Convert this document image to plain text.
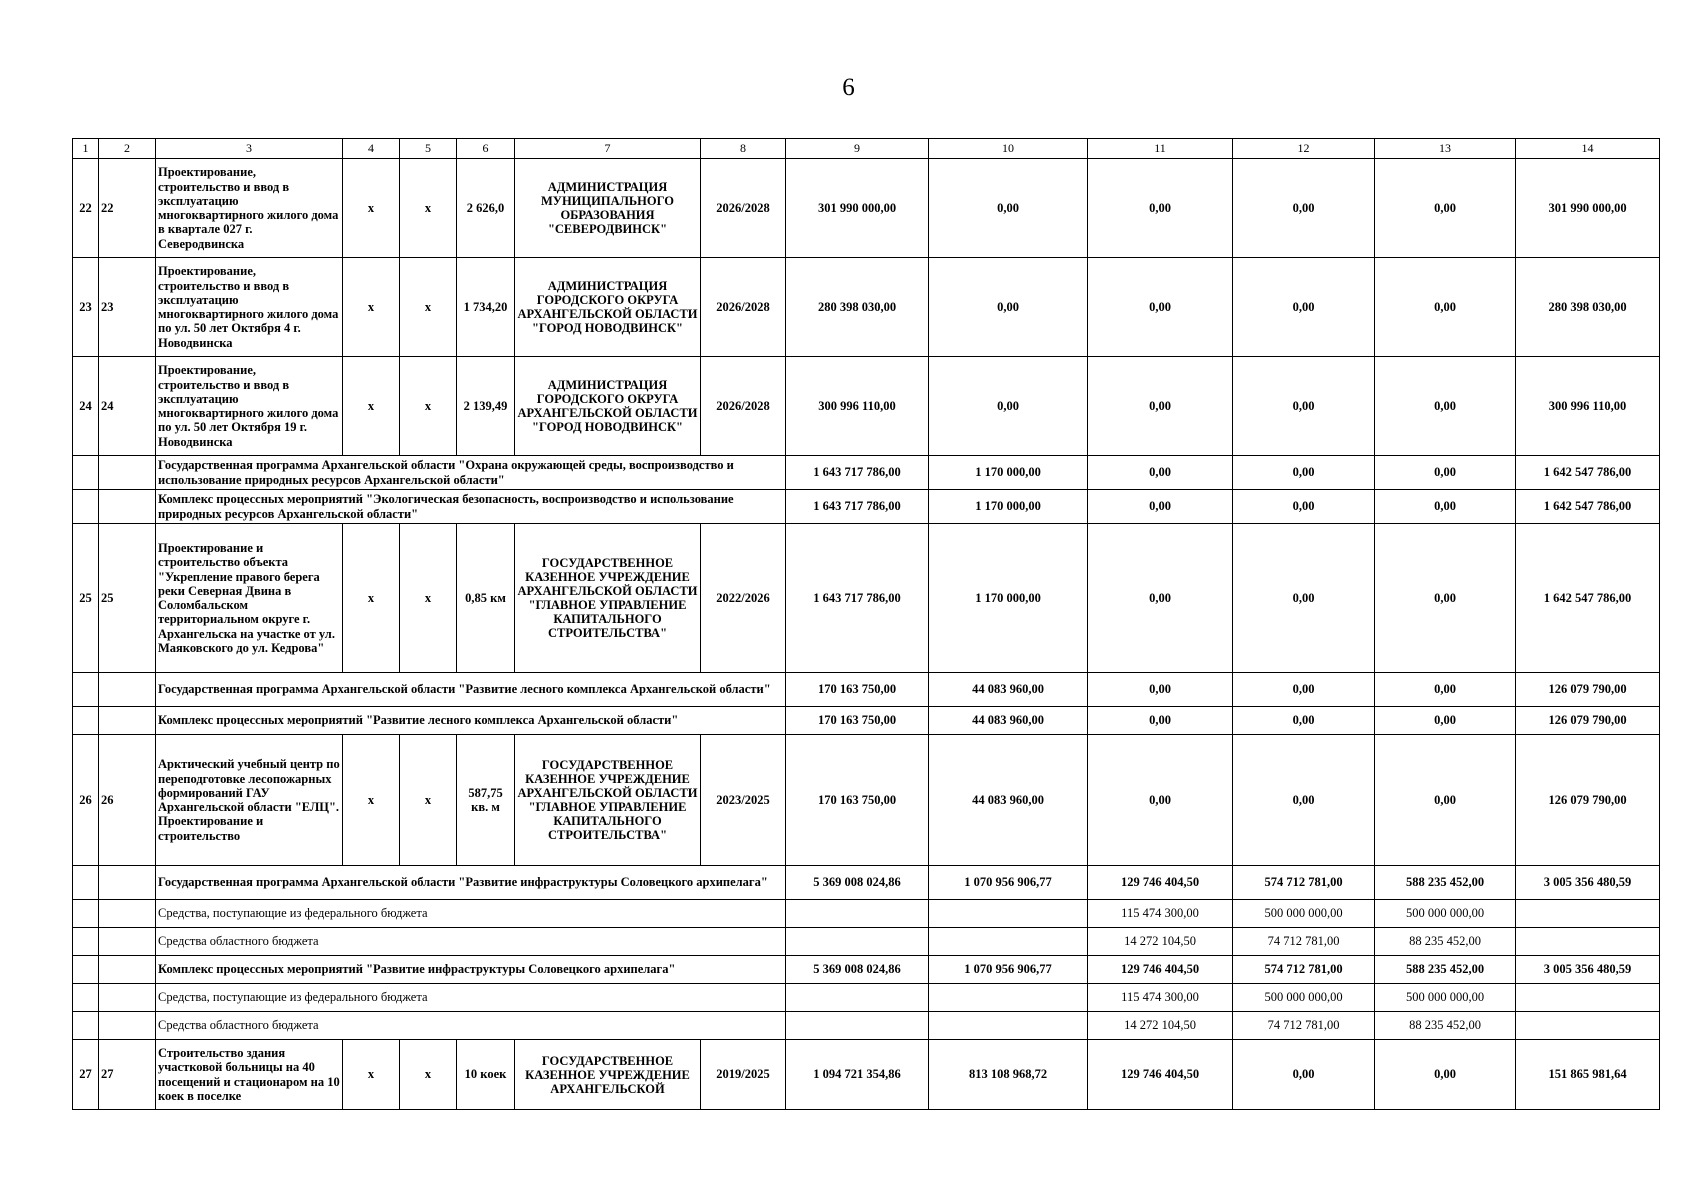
6
1	2	3	4	5	6	7	8	9	10	11	12	13	14
22	22	Проектирование, строительство и ввод в эксплуатацию многоквартирного жилого дома в квартале 027 г. Северодвинска	х	х	2 626,0	АДМИНИСТРАЦИЯ МУНИЦИПАЛЬНОГО ОБРАЗОВАНИЯ "СЕВЕРОДВИНСК"	2026/2028	301 990 000,00	0,00	0,00	0,00	0,00	301 990 000,00
23	23	Проектирование, строительство и ввод в эксплуатацию многоквартирного жилого дома по ул. 50 лет Октября 4 г. Новодвинска	х	х	1 734,20	АДМИНИСТРАЦИЯ ГОРОДСКОГО ОКРУГА АРХАНГЕЛЬСКОЙ ОБЛАСТИ "ГОРОД НОВОДВИНСК"	2026/2028	280 398 030,00	0,00	0,00	0,00	0,00	280 398 030,00
24	24	Проектирование, строительство и ввод в эксплуатацию многоквартирного жилого дома по ул. 50 лет Октября 19 г. Новодвинска	х	х	2 139,49	АДМИНИСТРАЦИЯ ГОРОДСКОГО ОКРУГА АРХАНГЕЛЬСКОЙ ОБЛАСТИ "ГОРОД НОВОДВИНСК"	2026/2028	300 996 110,00	0,00	0,00	0,00	0,00	300 996 110,00
		Государственная программа Архангельской области "Охрана окружающей среды, воспроизводство и использование природных ресурсов Архангельской области"						1 643 717 786,00	1 170 000,00	0,00	0,00	0,00	1 642 547 786,00
		Комплекс процессных мероприятий "Экологическая безопасность, воспроизводство и использование природных ресурсов Архангельской области"						1 643 717 786,00	1 170 000,00	0,00	0,00	0,00	1 642 547 786,00
25	25	Проектирование и строительство объекта "Укрепление правого берега реки Северная Двина в Соломбальском территориальном округе г. Архангельска на участке от ул. Маяковского до ул. Кедрова"	х	х	0,85 км	ГОСУДАРСТВЕННОЕ КАЗЕННОЕ УЧРЕЖДЕНИЕ АРХАНГЕЛЬСКОЙ ОБЛАСТИ "ГЛАВНОЕ УПРАВЛЕНИЕ КАПИТАЛЬНОГО СТРОИТЕЛЬСТВА"	2022/2026	1 643 717 786,00	1 170 000,00	0,00	0,00	0,00	1 642 547 786,00
		Государственная программа Архангельской области "Развитие лесного комплекса Архангельской области"						170 163 750,00	44 083 960,00	0,00	0,00	0,00	126 079 790,00
		Комплекс процессных мероприятий "Развитие лесного комплекса Архангельской области"						170 163 750,00	44 083 960,00	0,00	0,00	0,00	126 079 790,00
26	26	Арктический учебный центр по переподготовке лесопожарных формирований ГАУ Архангельской области "ЕЛЦ". Проектирование и строительство	х	х	587,75 кв. м	ГОСУДАРСТВЕННОЕ КАЗЕННОЕ УЧРЕЖДЕНИЕ АРХАНГЕЛЬСКОЙ ОБЛАСТИ "ГЛАВНОЕ УПРАВЛЕНИЕ КАПИТАЛЬНОГО СТРОИТЕЛЬСТВА"	2023/2025	170 163 750,00	44 083 960,00	0,00	0,00	0,00	126 079 790,00
		Государственная программа Архангельской области "Развитие инфраструктуры Соловецкого архипелага"						5 369 008 024,86	1 070 956 906,77	129 746 404,50	574 712 781,00	588 235 452,00	3 005 356 480,59
		Средства, поступающие из федерального бюджета								115 474 300,00	500 000 000,00	500 000 000,00	
		Средства областного бюджета								14 272 104,50	74 712 781,00	88 235 452,00	
		Комплекс процессных мероприятий "Развитие инфраструктуры Соловецкого архипелага"						5 369 008 024,86	1 070 956 906,77	129 746 404,50	574 712 781,00	588 235 452,00	3 005 356 480,59
		Средства, поступающие из федерального бюджета								115 474 300,00	500 000 000,00	500 000 000,00	
		Средства областного бюджета								14 272 104,50	74 712 781,00	88 235 452,00	
27	27	Строительство здания участковой больницы на 40 посещений и стационаром на 10 коек в поселке	х	х	10 коек	ГОСУДАРСТВЕННОЕ КАЗЕННОЕ УЧРЕЖДЕНИЕ АРХАНГЕЛЬСКОЙ	2019/2025	1 094 721 354,86	813 108 968,72	129 746 404,50	0,00	0,00	151 865 981,64
